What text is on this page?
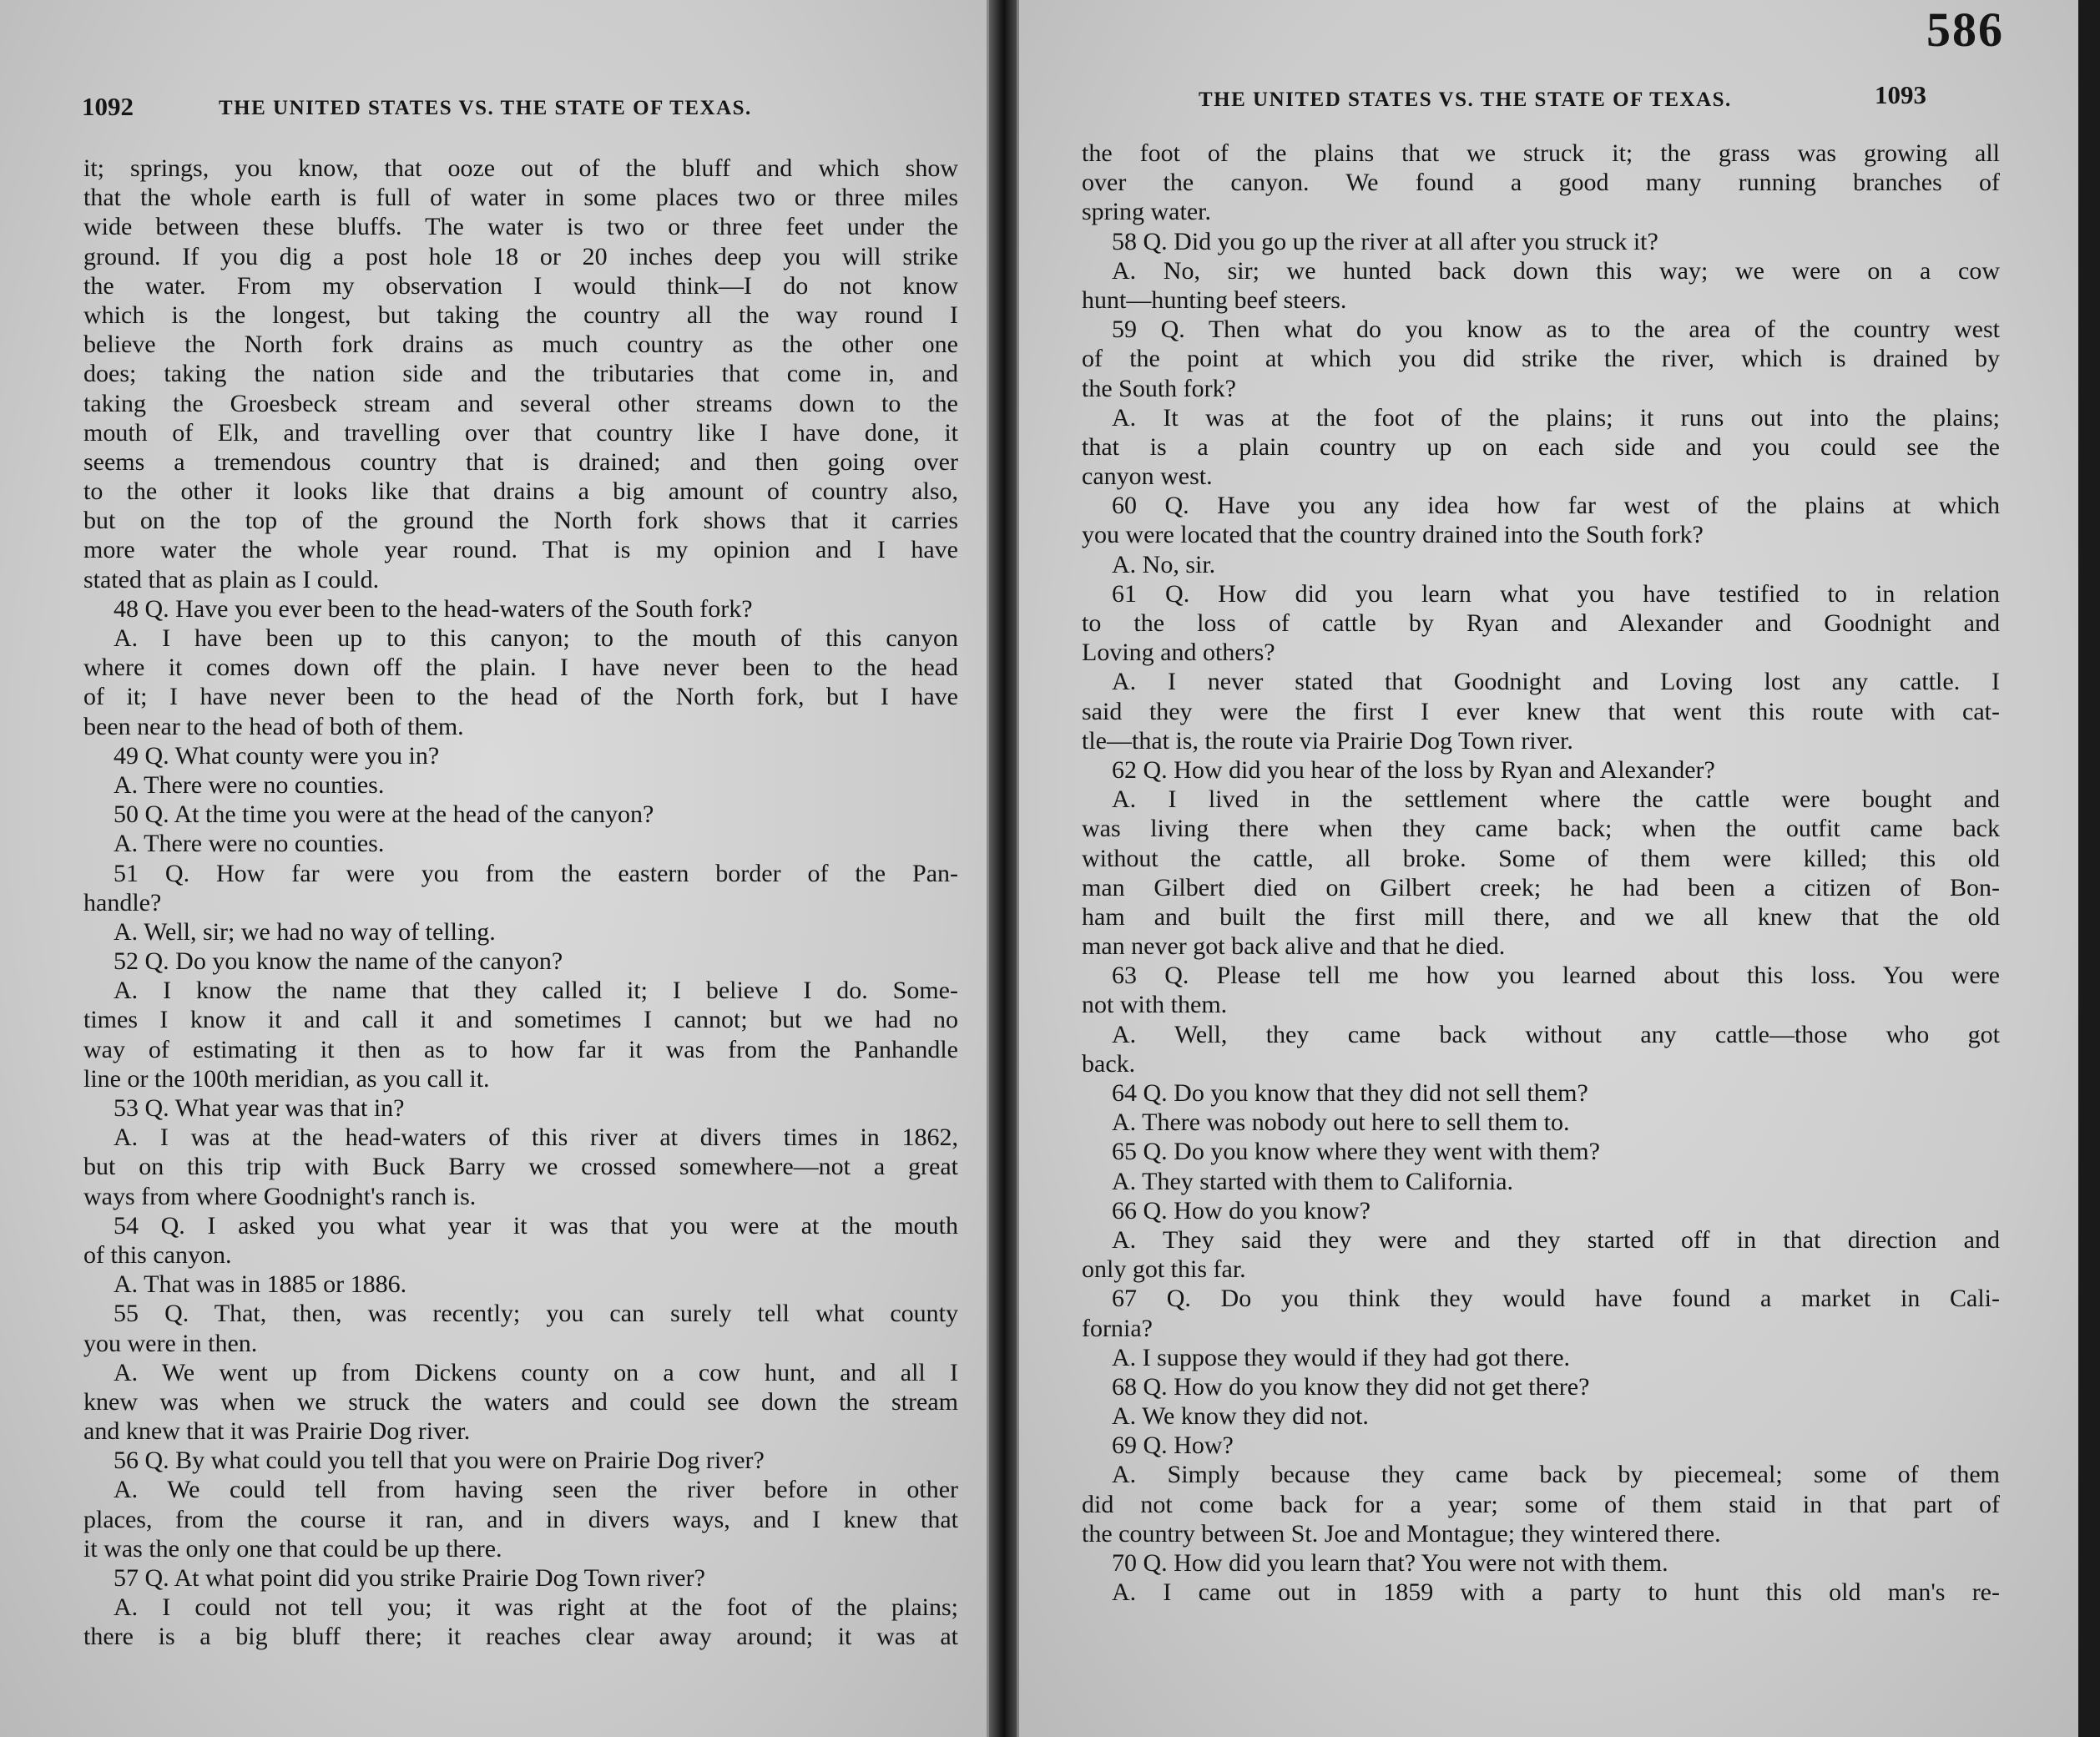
1092	THE UNITED STATES VS. THE STATE OF TEXAS.
it; springs, you know, that ooze out of the bluff and which show
that the whole earth is full of water in some places two or three miles
wide between these bluffs. The water is two or three feet under the
ground. If you dig a post hole 18 or 20 inches deep you will strike
the water. From my observation I would think—I do not know
which is the longest, but taking the country all the way round I
believe the North fork drains as much country as the other one
does; taking the nation side and the tributaries that come in, and
taking the Groesbeck stream and several other streams down to the
mouth of Elk, and travelling over that country like I have done, it
seems a tremendous country that is drained; and then going over
to the other it looks like that drains a big amount of country also,
but on the top of the ground the North fork shows that it carries
more water the whole year round. That is my opinion and I have
stated that as plain as I could.
48 Q. Have you ever been to the head-waters of the South fork?
A. I have been up to this canyon; to the mouth of this canyon
where it comes down off the plain. I have never been to the head
of it; I have never been to the head of the North fork, but I have
been near to the head of both of them.
49 Q. What county were you in?
A. There were no counties.
50 Q. At the time you were at the head of the canyon?
A. There were no counties.
51 Q. How far were you from the eastern border of the Pan-
handle?
A. Well, sir; we had no way of telling.
52 Q. Do you know the name of the canyon?
A. I know the name that they called it; I believe I do. Some-
times I know it and call it and sometimes I cannot; but we had no
way of estimating it then as to how far it was from the Panhandle
line or the 100th meridian, as you call it.
53 Q. What year was that in?
A. I was at the head-waters of this river at divers times in 1862,
but on this trip with Buck Barry we crossed somewhere—not a great
ways from where Goodnight's ranch is.
54 Q. I asked you what year it was that you were at the mouth
of this canyon.
A. That was in 1885 or 1886.
55 Q. That, then, was recently; you can surely tell what county
you were in then.
A. We went up from Dickens county on a cow hunt, and all I
knew was when we struck the waters and could see down the stream
and knew that it was Prairie Dog river.
56 Q. By what could you tell that you were on Prairie Dog river?
A. We could tell from having seen the river before in other
places, from the course it ran, and in divers ways, and I knew that
it was the only one that could be up there.
57 Q. At what point did you strike Prairie Dog Town river?
A. I could not tell you; it was right at the foot of the plains;
there is a big bluff there; it reaches clear away around; it was at
586
THE UNITED STATES VS. THE STATE OF TEXAS.	1093
the foot of the plains that we struck it; the grass was growing all
over the canyon. We found a good many running branches of
spring water.
58 Q. Did you go up the river at all after you struck it?
A. No, sir; we hunted back down this way; we were on a cow
hunt—hunting beef steers.
59 Q. Then what do you know as to the area of the country west
of the point at which you did strike the river, which is drained by
the South fork?
A. It was at the foot of the plains; it runs out into the plains;
that is a plain country up on each side and you could see the
canyon west.
60 Q. Have you any idea how far west of the plains at which
you were located that the country drained into the South fork?
A. No, sir.
61 Q. How did you learn what you have testified to in relation
to the loss of cattle by Ryan and Alexander and Goodnight and
Loving and others?
A. I never stated that Goodnight and Loving lost any cattle. I
said they were the first I ever knew that went this route with cat-
tle—that is, the route via Prairie Dog Town river.
62 Q. How did you hear of the loss by Ryan and Alexander?
A. I lived in the settlement where the cattle were bought and
was living there when they came back; when the outfit came back
without the cattle, all broke. Some of them were killed; this old
man Gilbert died on Gilbert creek; he had been a citizen of Bon-
ham and built the first mill there, and we all knew that the old
man never got back alive and that he died.
63 Q. Please tell me how you learned about this loss. You were
not with them.
A. Well, they came back without any cattle—those who got
back.
64 Q. Do you know that they did not sell them?
A. There was nobody out here to sell them to.
65 Q. Do you know where they went with them?
A. They started with them to California.
66 Q. How do you know?
A. They said they were and they started off in that direction and
only got this far.
67 Q. Do you think they would have found a market in Cali-
fornia?
A. I suppose they would if they had got there.
68 Q. How do you know they did not get there?
A. We know they did not.
69 Q. How?
A. Simply because they came back by piecemeal; some of them
did not come back for a year; some of them staid in that part of
the country between St. Joe and Montague; they wintered there.
70 Q. How did you learn that? You were not with them.
A. I came out in 1859 with a party to hunt this old man's re-
